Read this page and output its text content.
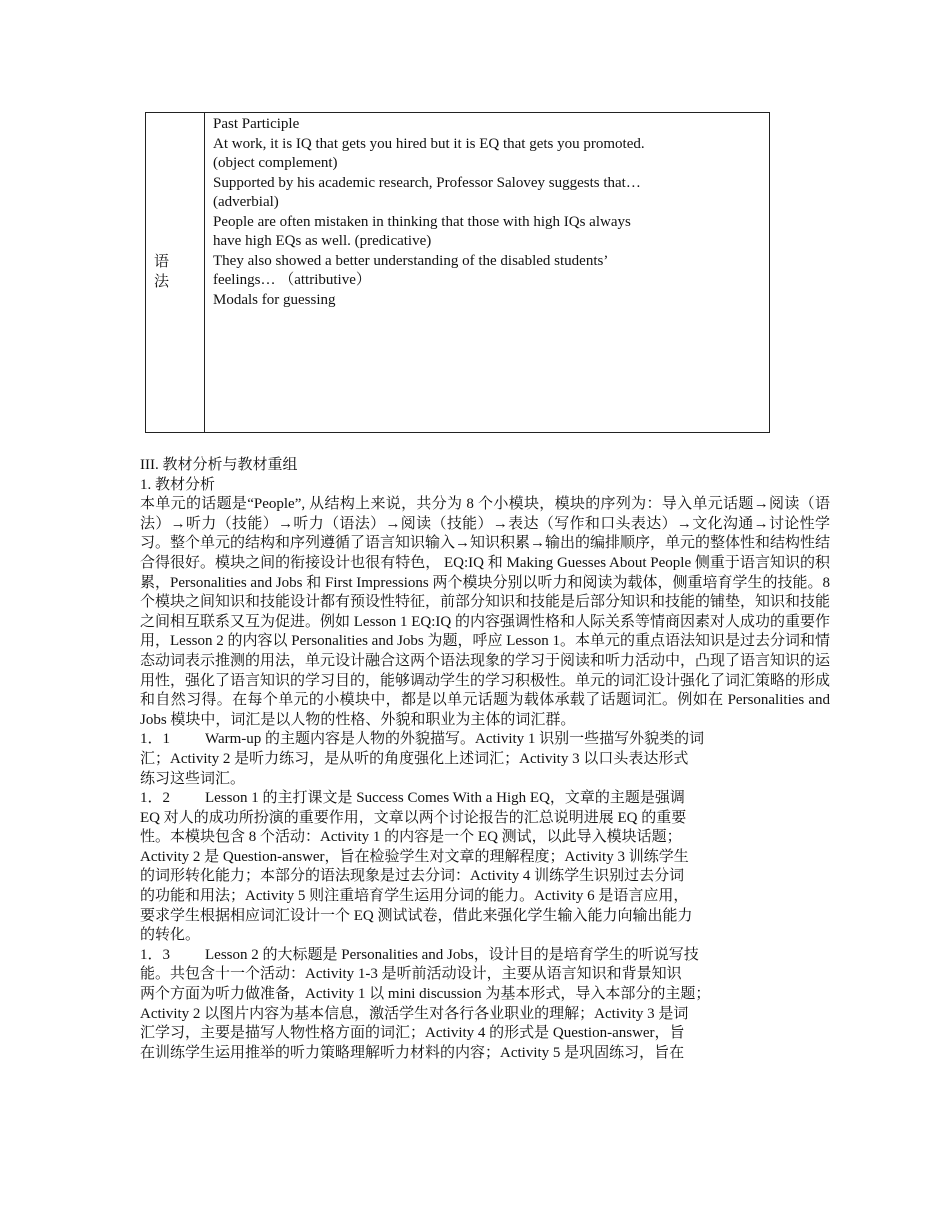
语
法

Past Participle
At work, it is IQ that gets you hired but it is EQ that gets you promoted.
(object complement)
Supported by his academic research, Professor Salovey suggests that…
(adverbial)
People are often mistaken in thinking that those with high IQs always
have high EQs as well. (predicative)
They also showed a better understanding of the disabled students’
feelings… （attributive）
Modals for guessing

III. 教材分析与教材重组

1. 教材分析

本单元的话题是“People”, 从结构上来说，共分为 8 个小模块，模块的序列为：导入单元话题→阅读（语法）→听力（技能）→听力（语法）→阅读（技能）→表达（写作和口头表达）→文化沟通→讨论性学习。整个单元的结构和序列遵循了语言知识输入→知识积累→输出的编排顺序，单元的整体性和结构性结合得很好。模块之间的衔接设计也很有特色， EQ:IQ 和 Making Guesses About People 侧重于语言知识的积累，Personalities and Jobs 和 First Impressions 两个模块分别以听力和阅读为载体，侧重培育学生的技能。8 个模块之间知识和技能设计都有预设性特征，前部分知识和技能是后部分知识和技能的铺垫，知识和技能之间相互联系又互为促进。例如 Lesson 1 EQ:IQ 的内容强调性格和人际关系等情商因素对人成功的重要作用，Lesson 2 的内容以 Personalities and Jobs 为题，呼应 Lesson 1。本单元的重点语法知识是过去分词和情态动词表示推测的用法，单元设计融合这两个语法现象的学习于阅读和听力活动中，凸现了语言知识的运用性，强化了语言知识的学习目的，能够调动学生的学习积极性。单元的词汇设计强化了词汇策略的形成和自然习得。在每个单元的小模块中，都是以单元话题为载体承载了话题词汇。例如在 Personalities and Jobs 模块中，词汇是以人物的性格、外貌和职业为主体的词汇群。

1．1 Warm-up 的主题内容是人物的外貌描写。Activity 1 识别一些描写外貌类的词
汇；Activity 2 是听力练习，是从听的角度强化上述词汇；Activity 3 以口头表达形式
练习这些词汇。
1．2 Lesson 1 的主打课文是 Success Comes With a High EQ，文章的主题是强调
EQ 对人的成功所扮演的重要作用，文章以两个讨论报告的汇总说明进展 EQ 的重要
性。本模块包含 8 个活动：Activity 1 的内容是一个 EQ 测试，以此导入模块话题；
Activity 2 是 Question-answer，旨在检验学生对文章的理解程度；Activity 3 训练学生
的词形转化能力；本部分的语法现象是过去分词：Activity 4 训练学生识别过去分词
的功能和用法；Activity 5 则注重培育学生运用分词的能力。Activity 6 是语言应用，
要求学生根据相应词汇设计一个 EQ 测试试卷，借此来强化学生输入能力向输出能力
的转化。
1．3 Lesson 2 的大标题是 Personalities and Jobs，设计目的是培育学生的听说写技
能。共包含十一个活动：Activity 1-3 是听前活动设计，主要从语言知识和背景知识
两个方面为听力做准备，Activity 1 以 mini discussion 为基本形式，导入本部分的主题；
Activity 2 以图片内容为基本信息，激活学生对各行各业职业的理解；Activity 3 是词
汇学习，主要是描写人物性格方面的词汇；Activity 4 的形式是 Question-answer，旨
在训练学生运用推举的听力策略理解听力材料的内容；Activity 5 是巩固练习，旨在
